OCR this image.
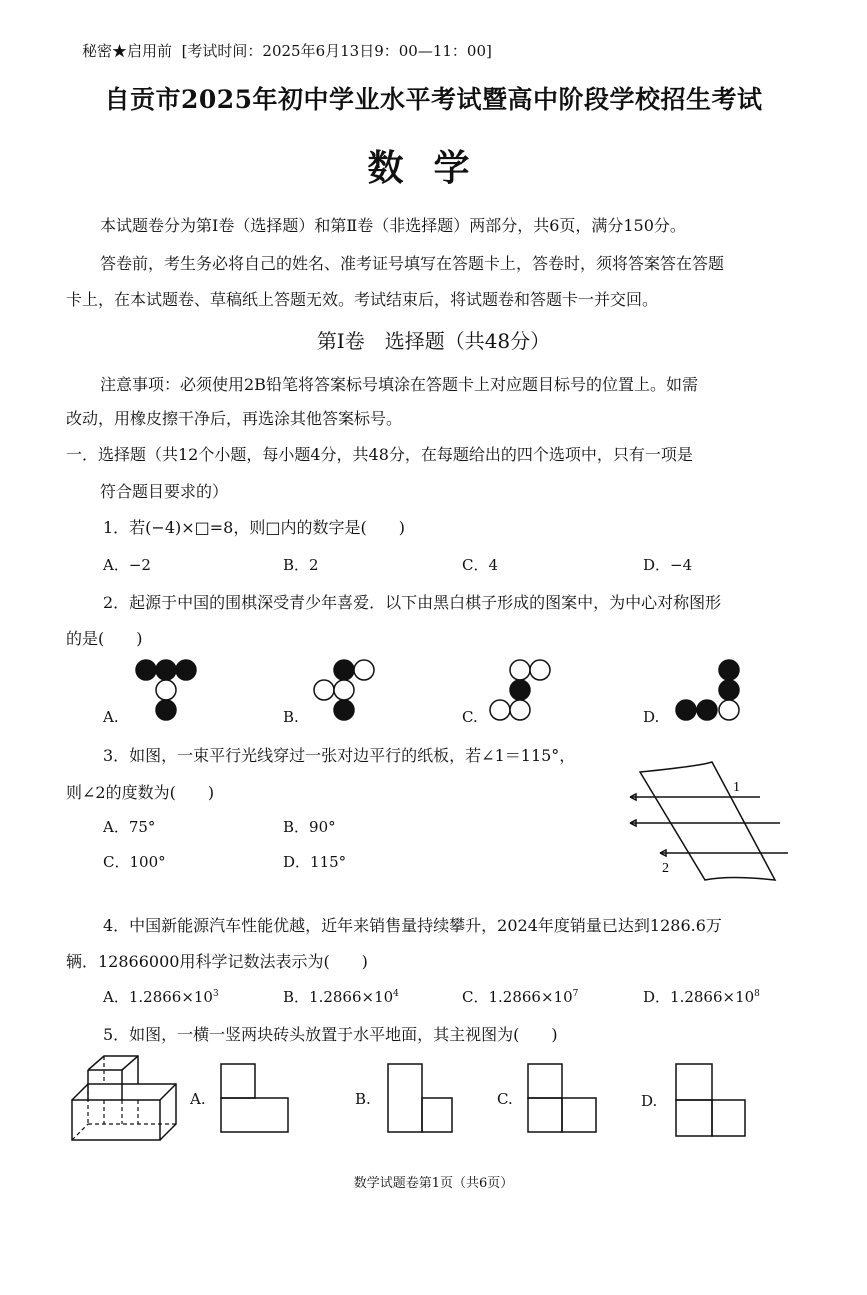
秘密★启用前 [考试时间：2025年6月13日9：00—11：00]
自贡市2025年初中学业水平考试暨高中阶段学校招生考试
数学
本试题卷分为第Ⅰ卷（选择题）和第Ⅱ卷（非选择题）两部分，共6页，满分150分。
答卷前，考生务必将自己的姓名、准考证号填写在答题卡上，答卷时，须将答案答在答题
卡上，在本试题卷、草稿纸上答题无效。考试结束后，将试题卷和答题卡一并交回。
第Ⅰ卷　选择题（共48分）
注意事项：必须使用2B铅笔将答案标号填涂在答题卡上对应题目标号的位置上。如需
改动，用橡皮擦干净后，再选涂其他答案标号。
一．选择题（共12个小题，每小题4分，共48分，在每题给出的四个选项中，只有一项是
符合题目要求的）
1．若(−4)×□=8，则□内的数字是(　　)
A．−2	B．2	C．4	D．−4
2．起源于中国的围棋深受青少年喜爱．以下由黑白棋子形成的图案中，为中心对称图形
的是(　　)
A.	B.	C.	D.
3．如图，一束平行光线穿过一张对边平行的纸板，若∠1＝115°，
则∠2的度数为(　　)
A．75°	B．90°
C．100°	D．115°
1
2
4．中国新能源汽车性能优越，近年来销售量持续攀升，2024年度销量已达到1286.6万
辆．12866000用科学记数法表示为(　　)
A．$1.2866\times 10^3$	B．$1.2866\times 10^4$	C．$1.2866\times 10^7$	D．$1.2866\times 10^8$
5．如图，一横一竖两块砖头放置于水平地面，其主视图为(　　)
A.	B.	C.	D.
数学试题卷第1页（共6页）
